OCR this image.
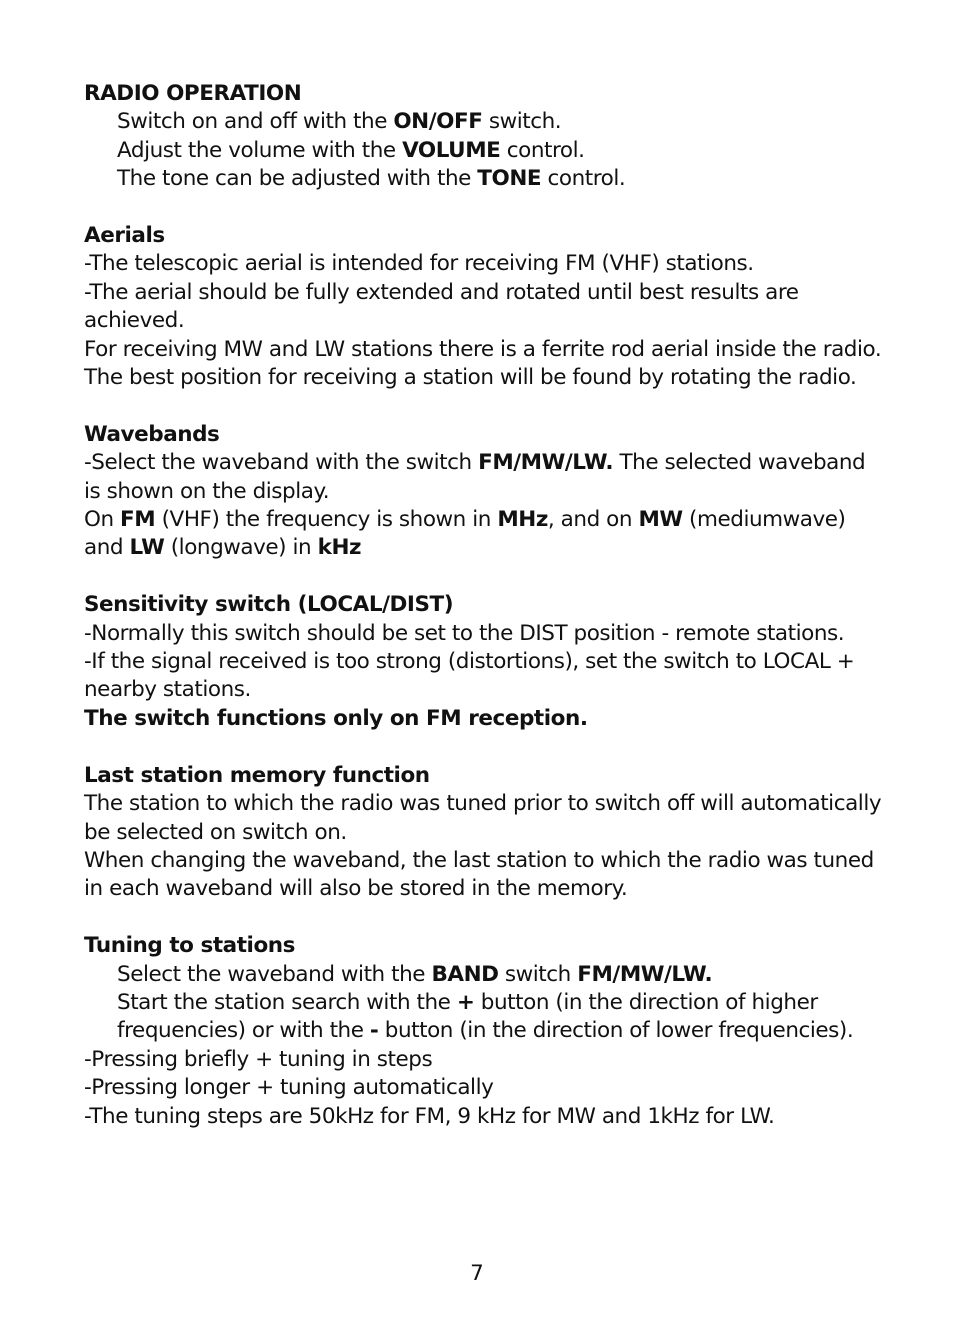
RADIO OPERATION
Switch on and off with the ON/OFF switch.
Adjust the volume with the VOLUME control.
The tone can be adjusted with the TONE control.
Aerials
-The telescopic aerial is intended for receiving FM (VHF) stations.
-The aerial should be fully extended and rotated until best results are
achieved.
For receiving MW and LW stations there is a ferrite rod aerial inside the radio.
The best position for receiving a station will be found by rotating the radio.
Wavebands
-Select the waveband with the switch FM/MW/LW. The selected waveband
is shown on the display.
On FM (VHF) the frequency is shown in MHz, and on MW (mediumwave)
and LW (longwave) in kHz
Sensitivity switch (LOCAL/DIST)
-Normally this switch should be set to the DIST position - remote stations.
-If the signal received is too strong (distortions), set the switch to LOCAL +
nearby stations.
The switch functions only on FM reception.
Last station memory function
The station to which the radio was tuned prior to switch off will automatically
be selected on switch on.
When changing the waveband, the last station to which the radio was tuned
in each waveband will also be stored in the memory.
Tuning to stations
Select the waveband with the BAND switch FM/MW/LW.
Start the station search with the + button (in the direction of higher
frequencies) or with the - button (in the direction of lower frequencies).
-Pressing briefly + tuning in steps
-Pressing longer + tuning automatically
-The tuning steps are 50kHz for FM, 9 kHz for MW and 1kHz for LW.
7
